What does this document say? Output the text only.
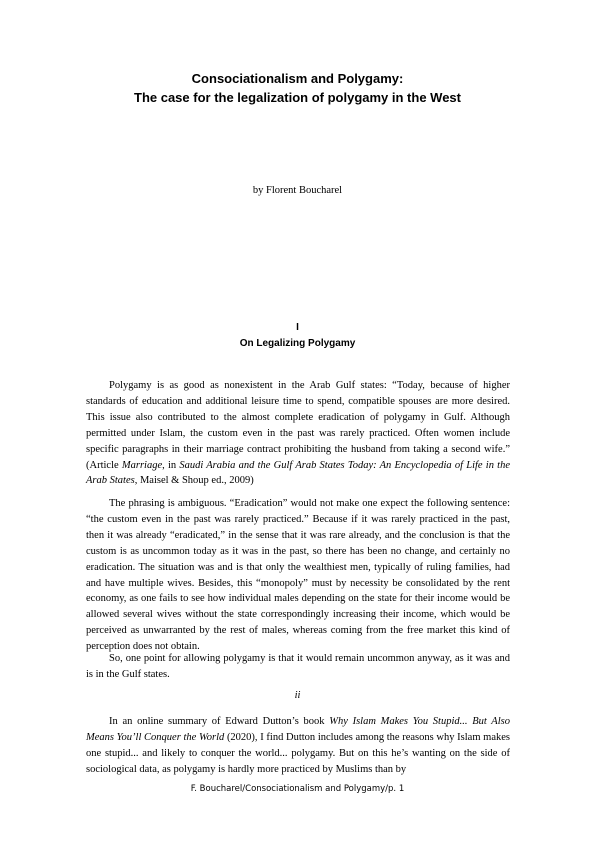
Consociationalism and Polygamy:
The case for the legalization of polygamy in the West
by Florent Boucharel
I
On Legalizing Polygamy

Polygamy is as good as nonexistent in the Arab Gulf states: “Today, because of higher standards of education and additional leisure time to spend, compatible spouses are more desired. This issue also contributed to the almost complete eradication of polygamy in Gulf. Although permitted under Islam, the custom even in the past was rarely practiced. Often women include specific paragraphs in their marriage contract prohibiting the husband from taking a second wife.” (Article Marriage, in Saudi Arabia and the Gulf Arab States Today: An Encyclopedia of Life in the Arab States, Maisel & Shoup ed., 2009)

The phrasing is ambiguous. “Eradication” would not make one expect the following sentence: “the custom even in the past was rarely practiced.” Because if it was rarely practiced in the past, then it was already “eradicated,” in the sense that it was rare already, and the conclusion is that the custom is as uncommon today as it was in the past, so there has been no change, and certainly no eradication. The situation was and is that only the wealthiest men, typically of ruling families, had and have multiple wives. Besides, this “monopoly” must by necessity be consolidated by the rent economy, as one fails to see how individual males depending on the state for their income would be allowed several wives without the state correspondingly increasing their income, which would be perceived as unwarranted by the rest of males, whereas coming from the free market this kind of perception does not obtain.

So, one point for allowing polygamy is that it would remain uncommon anyway, as it was and is in the Gulf states.

ii

In an online summary of Edward Dutton’s book Why Islam Makes You Stupid... But Also Means You’ll Conquer the World (2020), I find Dutton includes among the reasons why Islam makes one stupid... and likely to conquer the world... polygamy. But on this he’s wanting on the side of sociological data, as polygamy is hardly more practiced by Muslims than by

F. Boucharel/Consociationalism and Polygamy/p. 1
